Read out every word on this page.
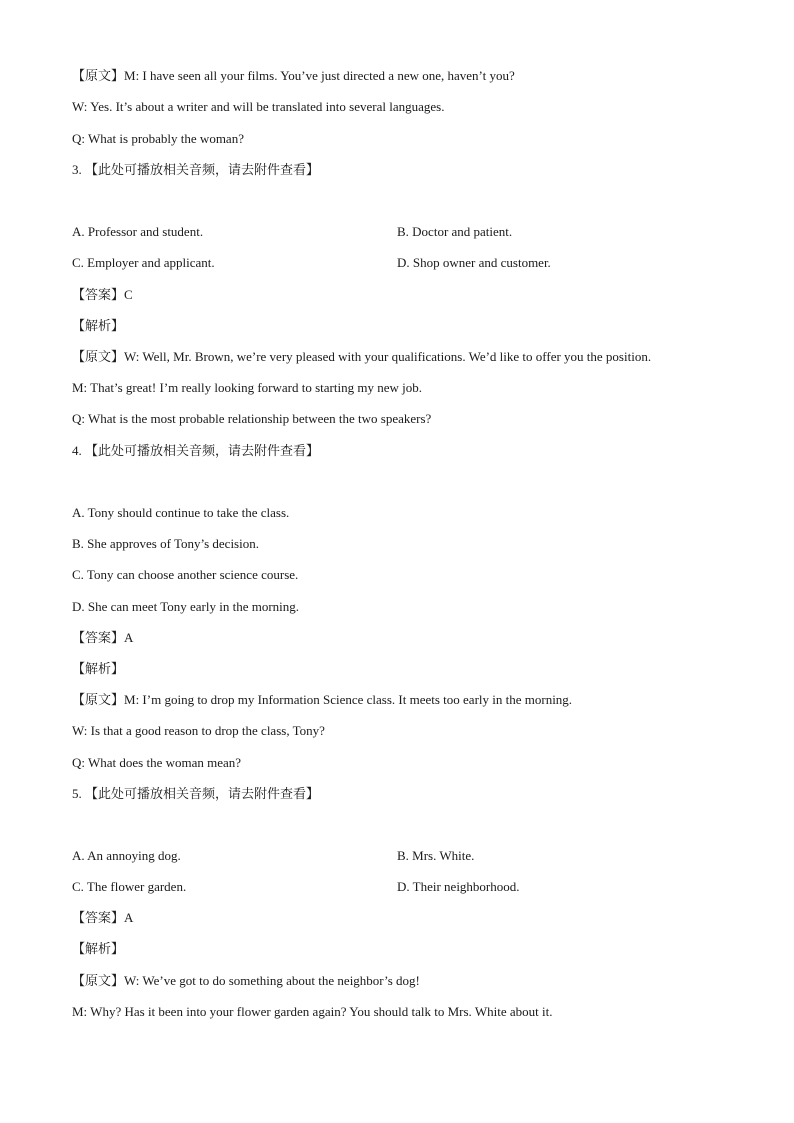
【原文】M: I have seen all your films. You’ve just directed a new one, haven’t you?
W: Yes. It’s about a writer and will be translated into several languages.
Q: What is probably the woman?
3. 【此处可播放相关音频，请去附件查看】
A. Professor and student.	B. Doctor and patient.
C. Employer and applicant.	D. Shop owner and customer.
【答案】C
【解析】
【原文】W: Well, Mr. Brown, we’re very pleased with your qualifications. We’d like to offer you the position.
M: That’s great! I’m really looking forward to starting my new job.
Q: What is the most probable relationship between the two speakers?
4. 【此处可播放相关音频，请去附件查看】
A. Tony should continue to take the class.
B. She approves of Tony’s decision.
C. Tony can choose another science course.
D. She can meet Tony early in the morning.
【答案】A
【解析】
【原文】M: I’m going to drop my Information Science class. It meets too early in the morning.
W: Is that a good reason to drop the class, Tony?
Q: What does the woman mean?
5. 【此处可播放相关音频，请去附件查看】
A. An annoying dog.	B. Mrs. White.
C. The flower garden.	D. Their neighborhood.
【答案】A
【解析】
【原文】W: We’ve got to do something about the neighbor’s dog!
M: Why? Has it been into your flower garden again? You should talk to Mrs. White about it.
